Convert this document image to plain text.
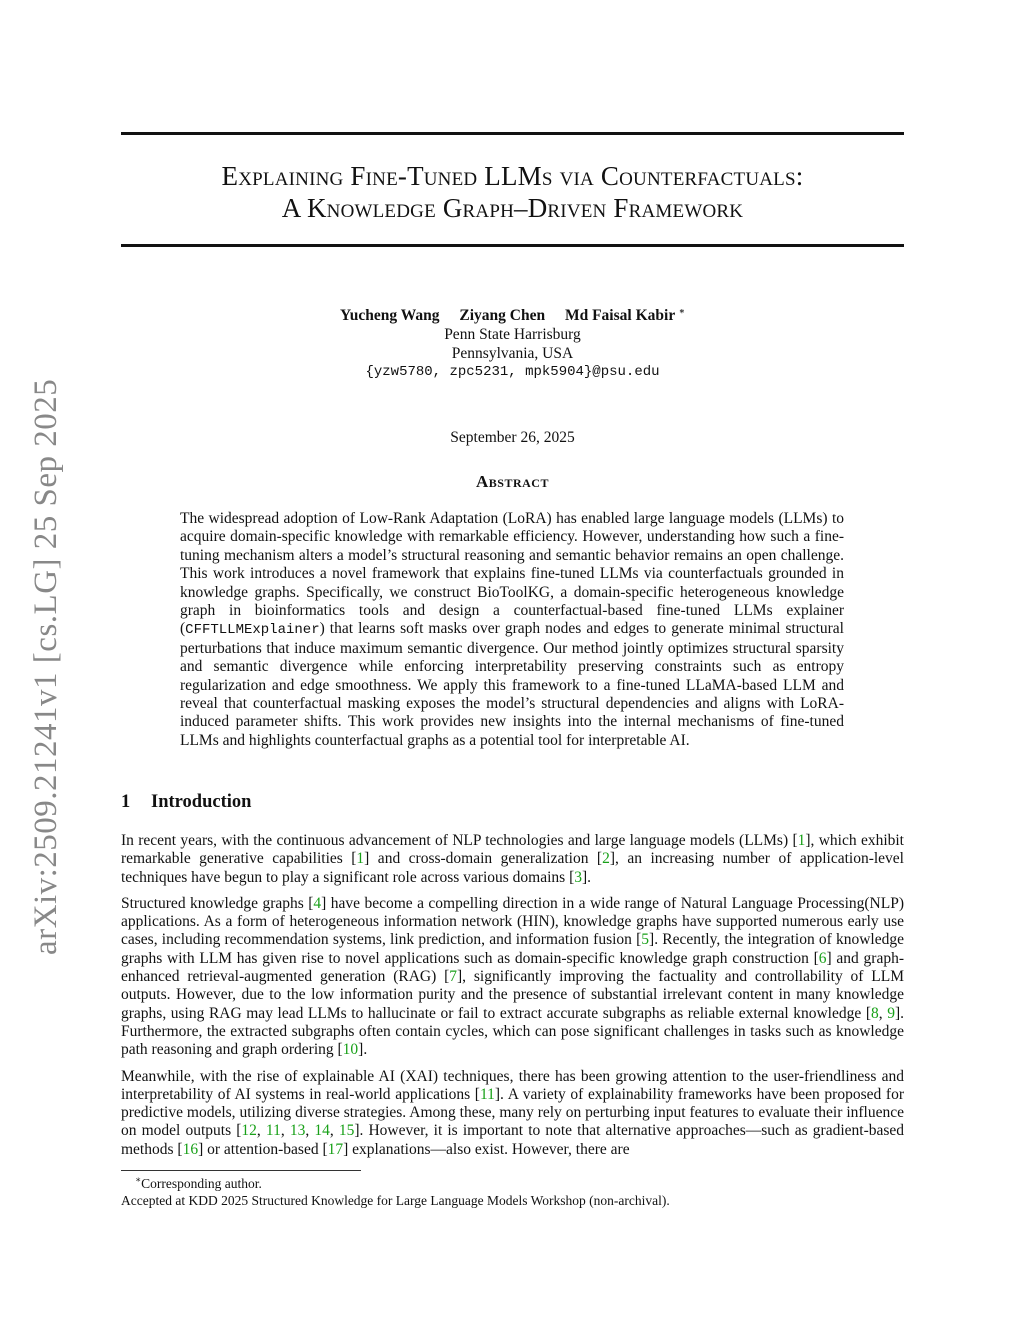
arXiv:2509.21241v1 [cs.LG] 25 Sep 2025
Explaining Fine-Tuned LLMs via Counterfactuals:
A Knowledge Graph–Driven Framework
Yucheng Wang Ziyang Chen Md Faisal Kabir ∗
Penn State Harrisburg
Pennsylvania, USA
{yzw5780, zpc5231, mpk5904}@psu.edu
September 26, 2025
Abstract
The widespread adoption of Low-Rank Adaptation (LoRA) has enabled large language models (LLMs) to acquire domain-specific knowledge with remarkable efficiency. However, understanding how such a fine-tuning mechanism alters a model’s structural reasoning and semantic behavior remains an open challenge. This work introduces a novel framework that explains fine-tuned LLMs via counterfactuals grounded in knowledge graphs. Specifically, we construct BioToolKG, a domain-specific heterogeneous knowledge graph in bioinformatics tools and design a counterfactual-based fine-tuned LLMs explainer (CFFTLLMExplainer) that learns soft masks over graph nodes and edges to generate minimal structural perturbations that induce maximum semantic divergence. Our method jointly optimizes structural sparsity and semantic divergence while enforcing interpretability preserving constraints such as entropy regularization and edge smoothness. We apply this framework to a fine-tuned LLaMA-based LLM and reveal that counterfactual masking exposes the model’s structural dependencies and aligns with LoRA-induced parameter shifts. This work provides new insights into the internal mechanisms of fine-tuned LLMs and highlights counterfactual graphs as a potential tool for interpretable AI.
1 Introduction

In recent years, with the continuous advancement of NLP technologies and large language models (LLMs) [1], which exhibit remarkable generative capabilities [1] and cross-domain generalization [2], an increasing number of application-level techniques have begun to play a significant role across various domains [3].

Structured knowledge graphs [4] have become a compelling direction in a wide range of Natural Language Processing(NLP) applications. As a form of heterogeneous information network (HIN), knowledge graphs have supported numerous early use cases, including recommendation systems, link prediction, and information fusion [5]. Recently, the integration of knowledge graphs with LLM has given rise to novel applications such as domain-specific knowledge graph construction [6] and graph-enhanced retrieval-augmented generation (RAG) [7], significantly improving the factuality and controllability of LLM outputs. However, due to the low information purity and the presence of substantial irrelevant content in many knowledge graphs, using RAG may lead LLMs to hallucinate or fail to extract accurate subgraphs as reliable external knowledge [8, 9]. Furthermore, the extracted subgraphs often contain cycles, which can pose significant challenges in tasks such as knowledge path reasoning and graph ordering [10].

Meanwhile, with the rise of explainable AI (XAI) techniques, there has been growing attention to the user-friendliness and interpretability of AI systems in real-world applications [11]. A variety of explainability frameworks have been proposed for predictive models, utilizing diverse strategies. Among these, many rely on perturbing input features to evaluate their influence on model outputs [12, 11, 13, 14, 15]. However, it is important to note that alternative approaches—such as gradient-based methods [16] or attention-based [17] explanations—also exist. However, there are

∗Corresponding author.
Accepted at KDD 2025 Structured Knowledge for Large Language Models Workshop (non-archival).
